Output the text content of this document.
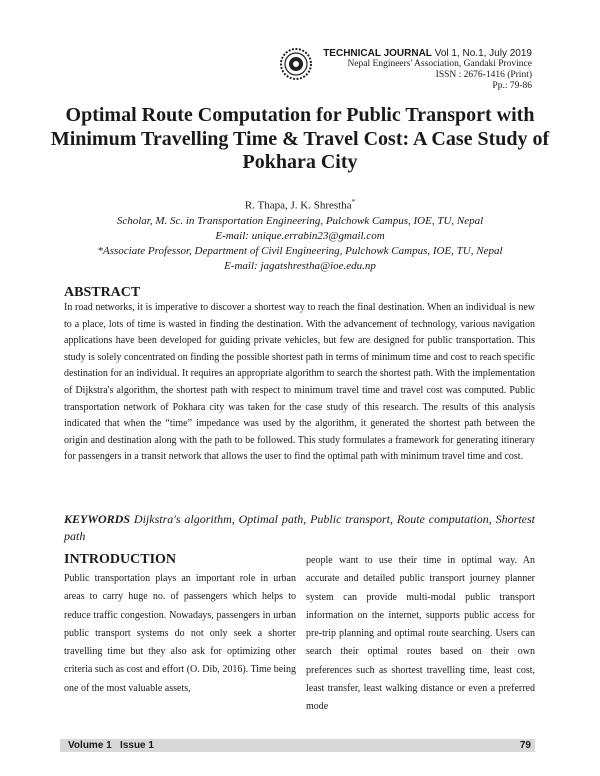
TECHNICAL JOURNAL Vol 1, No.1, July 2019
Nepal Engineers' Association, Gandaki Province
ISSN : 2676-1416 (Print)
Pp.: 79-86
Optimal Route Computation for Public Transport with
Minimum Travelling Time & Travel Cost: A Case Study of
Pokhara City
R. Thapa, J. K. Shrestha*
Scholar, M. Sc. in Transportation Engineering, Pulchowk Campus, IOE, TU, Nepal
E-mail: unique.errabin23@gmail.com
*Associate Professor, Department of Civil Engineering, Pulchowk Campus, IOE, TU, Nepal
E-mail: jagatshrestha@ioe.edu.np
ABSTRACT
In road networks, it is imperative to discover a shortest way to reach the final destination. When an individual is new to a place, lots of time is wasted in finding the destination. With the advancement of technology, various navigation applications have been developed for guiding private vehicles, but few are designed for public transportation. This study is solely concentrated on finding the possible shortest path in terms of minimum time and cost to reach specific destination for an individual. It requires an appropriate algorithm to search the shortest path. With the implementation of Dijkstra's algorithm, the shortest path with respect to minimum travel time and travel cost was computed. Public transportation network of Pokhara city was taken for the case study of this research. The results of this analysis indicated that when the “time” impedance was used by the algorithm, it generated the shortest path between the origin and destination along with the path to be followed. This study formulates a framework for generating itinerary for passengers in a transit network that allows the user to find the optimal path with minimum travel time and cost.
KEYWORDS Dijkstra's algorithm, Optimal path, Public transport, Route computation, Shortest path
INTRODUCTION
Public transportation plays an important role in urban areas to carry huge no. of passengers which helps to reduce traffic congestion. Nowadays, passengers in urban public transport systems do not only seek a shorter travelling time but they also ask for optimizing other criteria such as cost and effort (O. Dib, 2016). Time being one of the most valuable assets,
people want to use their time in optimal way. An accurate and detailed public transport journey planner system can provide multi-modal public transport information on the internet, supports public access for pre-trip planning and optimal route searching. Users can search their optimal routes based on their own preferences such as shortest travelling time, least cost, least transfer, least walking distance or even a preferred mode
Volume 1   Issue 1	79
